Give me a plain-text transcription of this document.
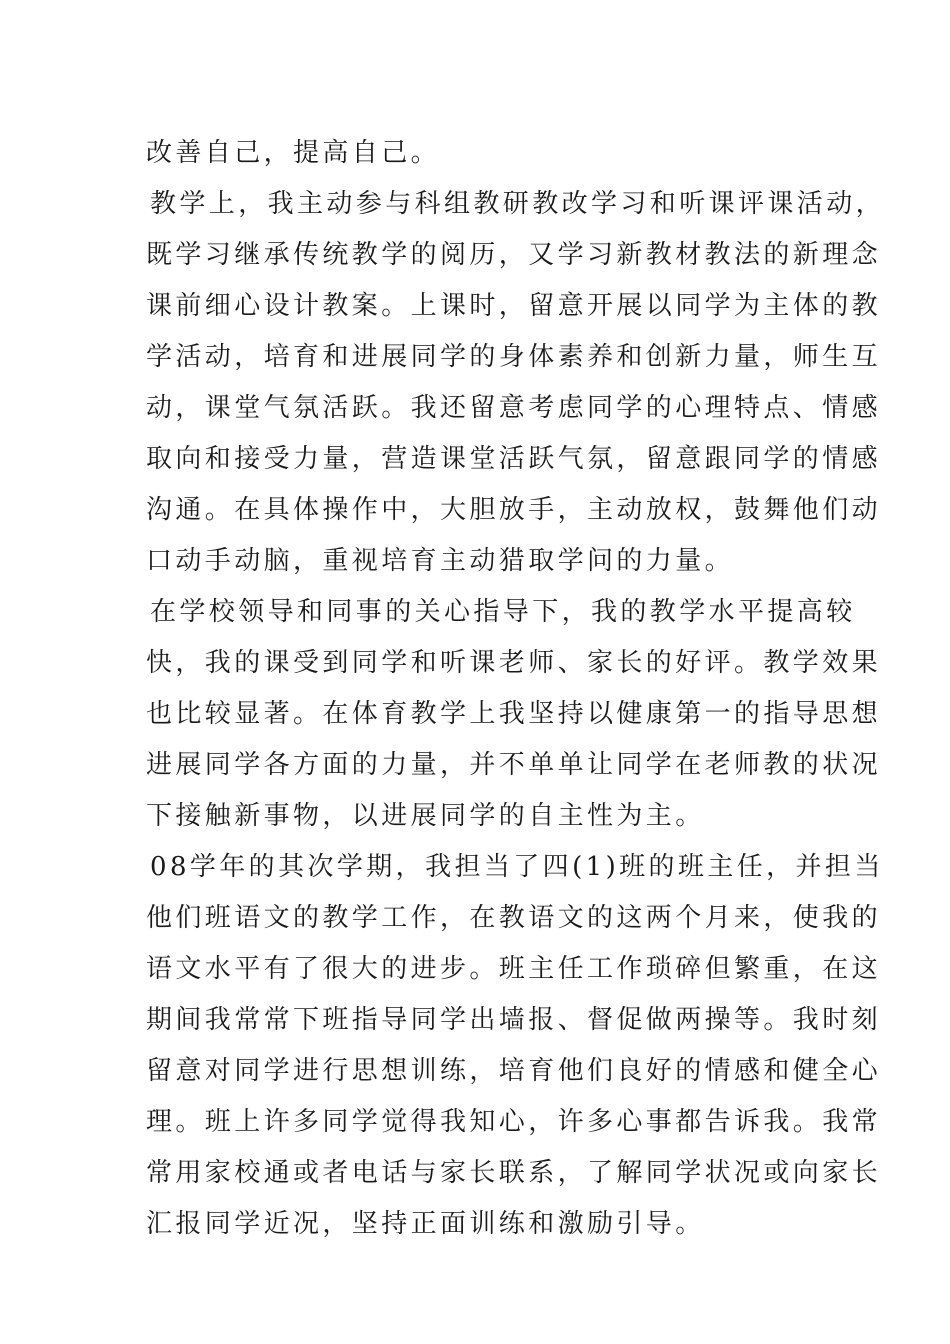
改善自己，提高自己。
教学上，我主动参与科组教研教改学习和听课评课活动，
既学习继承传统教学的阅历，又学习新教材教法的新理念
课前细心设计教案。上课时，留意开展以同学为主体的教
学活动，培育和进展同学的身体素养和创新力量，师生互
动，课堂气氛活跃。我还留意考虑同学的心理特点、情感
取向和接受力量，营造课堂活跃气氛，留意跟同学的情感
沟通。在具体操作中，大胆放手，主动放权，鼓舞他们动
口动手动脑，重视培育主动猎取学问的力量。
在学校领导和同事的关心指导下，我的教学水平提高较
快，我的课受到同学和听课老师、家长的好评。教学效果
也比较显著。在体育教学上我坚持以健康第一的指导思想
进展同学各方面的力量，并不单单让同学在老师教的状况
下接触新事物，以进展同学的自主性为主。
08学年的其次学期，我担当了四(1)班的班主任，并担当
他们班语文的教学工作，在教语文的这两个月来，使我的
语文水平有了很大的进步。班主任工作琐碎但繁重，在这
期间我常常下班指导同学出墙报、督促做两操等。我时刻
留意对同学进行思想训练，培育他们良好的情感和健全心
理。班上许多同学觉得我知心，许多心事都告诉我。我常
常用家校通或者电话与家长联系，了解同学状况或向家长
汇报同学近况，坚持正面训练和激励引导。
